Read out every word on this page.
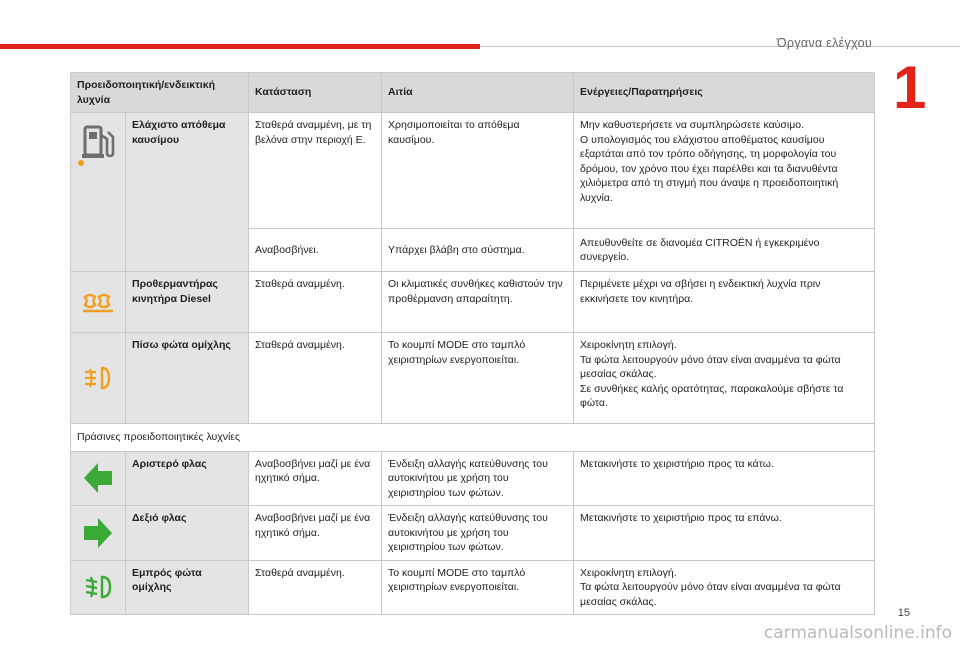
Όργανα ελέγχου
1
Προειδοποιητική/ενδεικτική λυχνία		Κατάσταση	Αιτία	Ενέργειες/Παρατηρήσεις

	Ελάχιστο απόθεμα καυσίμου	Σταθερά αναμμένη, με τη βελόνα στην περιοχή E.	Χρησιμοποιείται το απόθεμα καυσίμου.	Μην καθυστερήσετε να συμπληρώσετε καύσιμο.
Ο υπολογισμός του ελάχιστου αποθέματος καυσίμου εξαρτάται από τον τρόπο οδήγησης, τη μορφολογία του δρόμου, τον χρόνο που έχει παρέλθει και τα διανυθέντα χιλιόμετρα από τη στιγμή που άναψε η προειδοποιητική λυχνία.
		Αναβοσβήνει.	Υπάρχει βλάβη στο σύστημα.	Απευθυνθείτε σε διανομέα CITROËN ή εγκεκριμένο συνεργείο.

	Προθερμαντήρας κινητήρα Diesel	Σταθερά αναμμένη.	Οι κλιματικές συνθήκες καθιστούν την προθέρμανση απαραίτητη.	Περιμένετε μέχρι να σβήσει η ενδεικτική λυχνία πριν εκκινήσετε τον κινητήρα.

	Πίσω φώτα ομίχλης	Σταθερά αναμμένη.	Το κουμπί MODE στο ταμπλό χειριστηρίων ενεργοποιείται.	Χειροκίνητη επιλογή.
Τα φώτα λειτουργούν μόνο όταν είναι αναμμένα τα φώτα μεσαίας σκάλας.
Σε συνθήκες καλής ορατότητας, παρακαλούμε σβήστε τα φώτα.
Πράσινες προειδοποιητικές λυχνίες				

	Αριστερό φλας	Αναβοσβήνει μαζί με ένα ηχητικό σήμα.	Ένδειξη αλλαγής κατεύθυνσης του αυτοκινήτου με χρήση του χειριστηρίου των φώτων.	Μετακινήστε το χειριστήριο προς τα κάτω.

	Δεξιό φλας	Αναβοσβήνει μαζί με ένα ηχητικό σήμα.	Ένδειξη αλλαγής κατεύθυνσης του αυτοκινήτου με χρήση του χειριστηρίου των φώτων.	Μετακινήστε το χειριστήριο προς τα επάνω.

	Εμπρός φώτα ομίχλης	Σταθερά αναμμένη.	Το κουμπί MODE στο ταμπλό χειριστηρίων ενεργοποιείται.	Χειροκίνητη επιλογή.
Τα φώτα λειτουργούν μόνο όταν είναι αναμμένα τα φώτα μεσαίας σκάλας.
15
carmanualsonline.info
